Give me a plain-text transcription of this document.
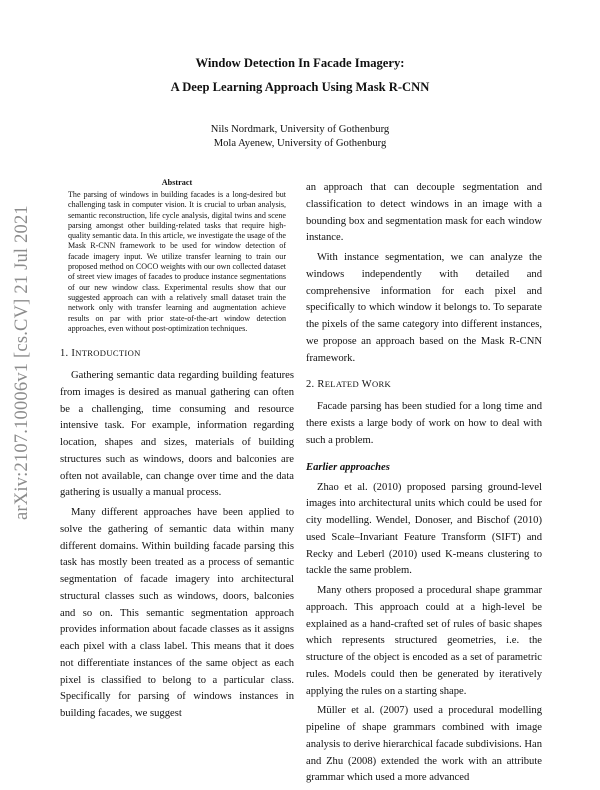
arXiv:2107.10006v1 [cs.CV] 21 Jul 2021
Window Detection In Facade Imagery:
A Deep Learning Approach Using Mask R-CNN
Nils Nordmark, University of Gothenburg
Mola Ayenew, University of Gothenburg
Abstract
The parsing of windows in building facades is a long-desired but challenging task in computer vision. It is crucial to urban analysis, semantic reconstruction, life cycle analysis, digital twins and scene parsing amongst other building-related tasks that require high-quality semantic data. In this article, we investigate the usage of the Mask R-CNN framework to be used for window detection of facade imagery input. We utilize transfer learning to train our proposed method on COCO weights with our own collected dataset of street view images of facades to produce instance segmentations of our new window class. Experimental results show that our suggested approach can with a relatively small dataset train the network only with transfer learning and augmentation achieve results on par with prior state-of-the-art window detection approaches, even without post-optimization techniques.
1. INTRODUCTION

Gathering semantic data regarding building features from images is desired as manual gathering can often be a challenging, time consuming and resource intensive task. For example, information regarding location, shapes and sizes, materials of building structures such as windows, doors and balconies are often not available, can change over time and the data gathering is usually a manual process.

Many different approaches have been applied to solve the gathering of semantic data within many different domains. Within building facade parsing this task has mostly been treated as a process of semantic segmentation of facade imagery into architectural structural classes such as windows, doors, balconies and so on. This semantic segmentation approach provides information about facade classes as it assigns each pixel with a class label. This means that it does not differentiate instances of the same object as each pixel is classified to belong to a particular class. Specifically for parsing of windows instances in building facades, we suggest

an approach that can decouple segmentation and classification to detect windows in an image with a bounding box and segmentation mask for each window instance.

With instance segmentation, we can analyze the windows independently with detailed and comprehensive information for each pixel and specifically to which window it belongs to. To separate the pixels of the same category into different instances, we propose an approach based on the Mask R-CNN framework.

2. RELATED WORK

Facade parsing has been studied for a long time and there exists a large body of work on how to deal with such a problem.

Earlier approaches

Zhao et al. (2010) proposed parsing ground-level images into architectural units which could be used for city modelling. Wendel, Donoser, and Bischof (2010) used Scale–Invariant Feature Transform (SIFT) and Recky and Leberl (2010) used K-means clustering to tackle the same problem.

Many others proposed a procedural shape grammar approach. This approach could at a high-level be explained as a hand-crafted set of rules of basic shapes which represents structured geometries, i.e. the structure of the object is encoded as a set of parametric rules. Models could then be generated by iteratively applying the rules on a starting shape.

Müller et al. (2007) used a procedural modelling pipeline of shape grammars combined with image analysis to derive hierarchical facade subdivisions. Han and Zhu (2008) extended the work with an attribute grammar which used a more advanced
